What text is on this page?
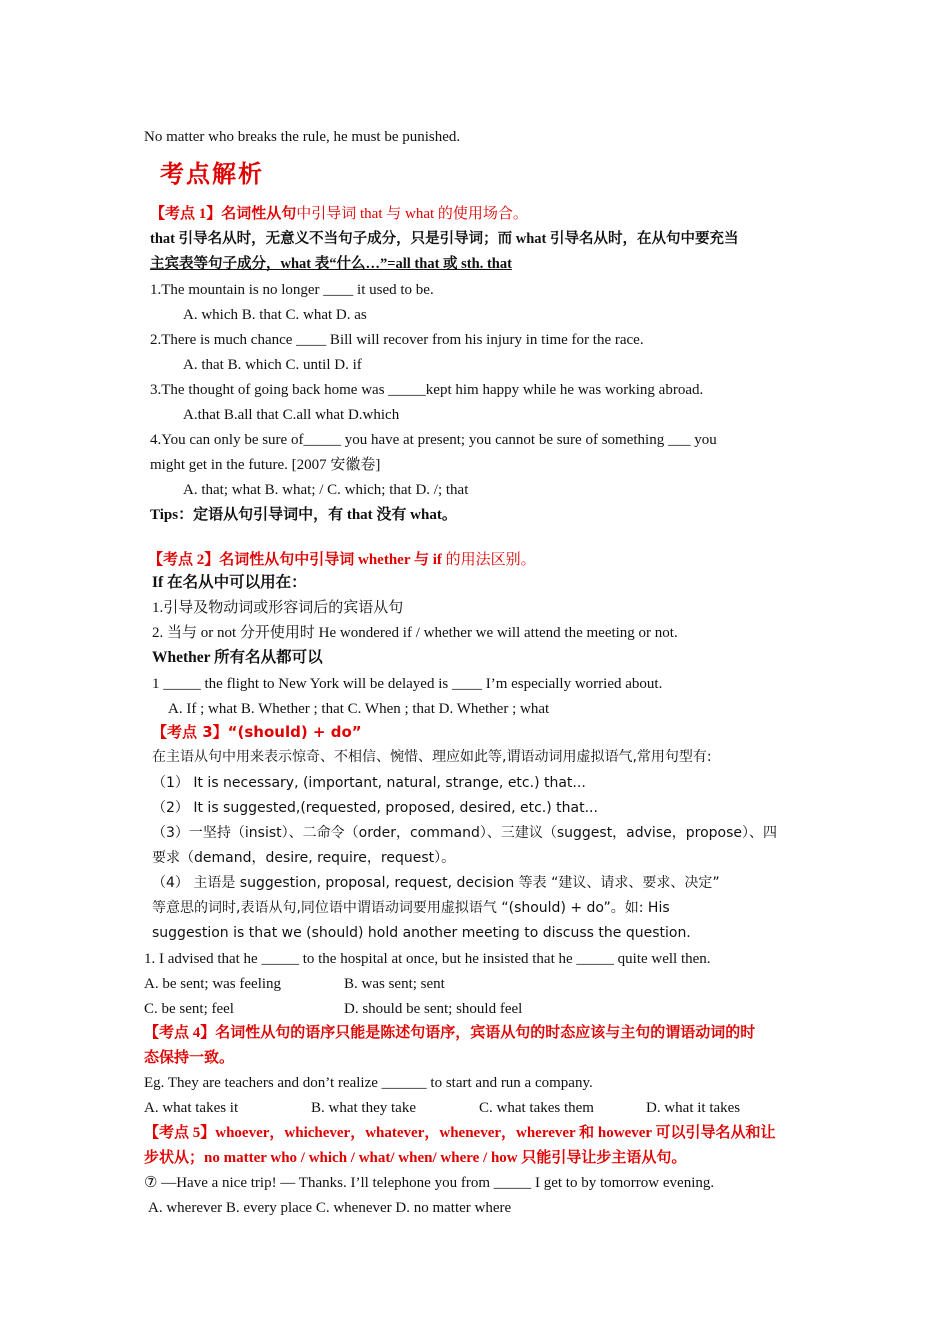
No matter who breaks the rule, he must be punished.
考点解析
【考点 1】名词性从句中引导词 that 与 what 的使用场合。
that 引导名从时，无意义不当句子成分，只是引导词；而 what 引导名从时，在从句中要充当
主宾表等句子成分，what 表“什么…”=all that 或 sth. that
1.The mountain is no longer ____ it used to be.
A. which B. that C. what D. as
2.There is much chance ____ Bill will recover from his injury in time for the race.
A. that B. which C. until D. if
3.The thought of going back home was _____kept him happy while he was working abroad.
A.that B.all that C.all what D.which
4.You can only be sure of_____ you have at present; you cannot be sure of something ___ you
might get in the future. [2007 安徽卷]
A. that; what B. what; / C. which; that D. /; that
Tips：定语从句引导词中，有 that 没有 what。
【考点 2】名词性从句中引导词 whether 与 if 的用法区别。
If 在名从中可以用在：
1.引导及物动词或形容词后的宾语从句
2. 当与 or not 分开使用时 He wondered if / whether we will attend the meeting or not.
Whether 所有名从都可以
1 _____ the flight to New York will be delayed is ____ I’m especially worried about.
A. If ; what B. Whether ; that C. When ; that D. Whether ; what
【考点 3】“(should) + do”
在主语从句中用来表示惊奇、不相信、惋惜、理应如此等,谓语动词用虚拟语气,常用句型有:
（1） It is necessary, (important, natural, strange, etc.) that...
（2） It is suggested,(requested, proposed, desired, etc.) that...
（3）一坚持（insist）、二命令（order，command）、三建议（suggest，advise，propose）、四
要求（demand，desire, require，request）。
（4） 主语是 suggestion, proposal, request, decision 等表 “建议、请求、要求、决定”
等意思的词时,表语从句,同位语中谓语动词要用虚拟语气 “(should) + do”。如: His
suggestion is that we (should) hold another meeting to discuss the question.
1. I advised that he _____ to the hospital at once, but he insisted that he _____ quite well then.
A. be sent; was feeling	B. was sent; sent
C. be sent; feel	D. should be sent; should feel
【考点 4】名词性从句的语序只能是陈述句语序，宾语从句的时态应该与主句的谓语动词的时
态保持一致。
Eg. They are teachers and don’t realize ______ to start and run a company.
A. what takes it	B. what they take	C. what takes them	D. what it takes
【考点 5】whoever，whichever，whatever，whenever，wherever 和 however 可以引导名从和让
步状从；no matter who / which / what/ when/ where / how 只能引导让步主语从句。
⑦ —Have a nice trip! — Thanks. I’ll telephone you from _____ I get to by tomorrow evening.
A. wherever B. every place C. whenever D. no matter where
